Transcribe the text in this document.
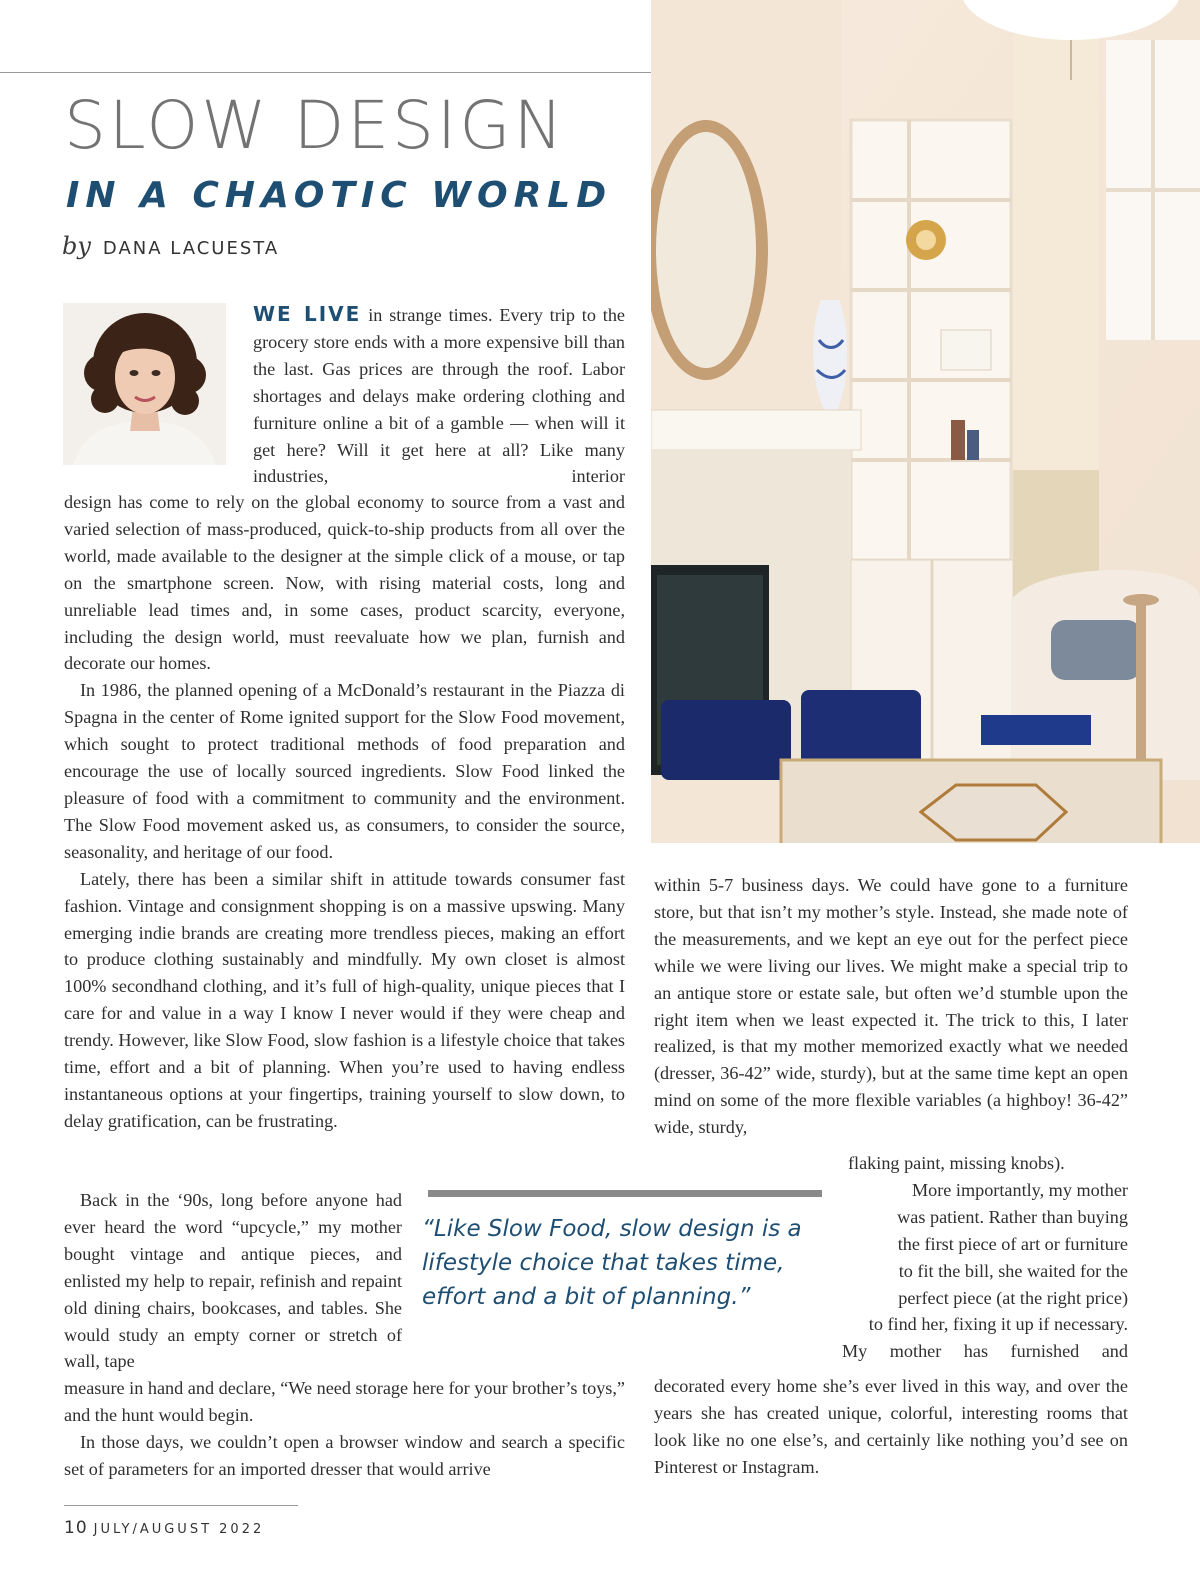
SLOW DESIGN
IN A CHAOTIC WORLD
by DANA LACUESTA

WE LIVE in strange times. Every trip to the grocery store ends with a more expensive bill than the last. Gas prices are through the roof. Labor shortages and delays make ordering clothing and furniture online a bit of a gamble — when will it get here? Will it get here at all? Like many industries, interior

design has come to rely on the global economy to source from a vast and varied selection of mass-produced, quick-to-ship products from all over the world, made available to the designer at the simple click of a mouse, or tap on the smartphone screen. Now, with rising material costs, long and unreliable lead times and, in some cases, product scarcity, everyone, including the design world, must reevaluate how we plan, furnish and decorate our homes.

In 1986, the planned opening of a McDonald’s restaurant in the Piazza di Spagna in the center of Rome ignited support for the Slow Food movement, which sought to protect traditional methods of food preparation and encourage the use of locally sourced ingredients. Slow Food linked the pleasure of food with a commitment to community and the environment. The Slow Food movement asked us, as consumers, to consider the source, seasonality, and heritage of our food.

Lately, there has been a similar shift in attitude towards consumer fast fashion. Vintage and consignment shopping is on a massive upswing. Many emerging indie brands are creating more trendless pieces, making an effort to produce clothing sustainably and mindfully. My own closet is almost 100% secondhand clothing, and it’s full of high-quality, unique pieces that I care for and value in a way I know I never would if they were cheap and trendy. However, like Slow Food, slow fashion is a lifestyle choice that takes time, effort and a bit of planning. When you’re used to having endless instantaneous options at your fingertips, training yourself to slow down, to delay gratification, can be frustrating.

Back in the ‘90s, long before anyone had ever heard the word “upcycle,” my mother bought vintage and antique pieces, and enlisted my help to repair, refinish and repaint old dining chairs, bookcases, and tables. She would study an empty corner or stretch of wall, tape

measure in hand and declare, “We need storage here for your brother’s toys,” and the hunt would begin.

In those days, we couldn’t open a browser window and search a specific set of parameters for an imported dresser that would arrive

“Like Slow Food, slow design is a lifestyle choice that takes time, effort and a bit of planning.”

within 5-7 business days. We could have gone to a furniture store, but that isn’t my mother’s style. Instead, she made note of the measurements, and we kept an eye out for the perfect piece while we were living our lives. We might make a special trip to an antique store or estate sale, but often we’d stumble upon the right item when we least expected it. The trick to this, I later realized, is that my mother memorized exactly what we needed (dresser, 36-42” wide, sturdy), but at the same time kept an open mind on some of the more flexible variables (a highboy! 36-42” wide, sturdy,

flaking paint, missing knobs).

More importantly, my mother
was patient. Rather than buying
the first piece of art or furniture
to fit the bill, she waited for the
perfect piece (at the right price)
to find her, fixing it up if necessary.

My mother has furnished and

decorated every home she’s ever lived in this way, and over the years she has created unique, colorful, interesting rooms that look like no one else’s, and certainly like nothing you’d see on Pinterest or Instagram.

10 JULY/AUGUST 2022
